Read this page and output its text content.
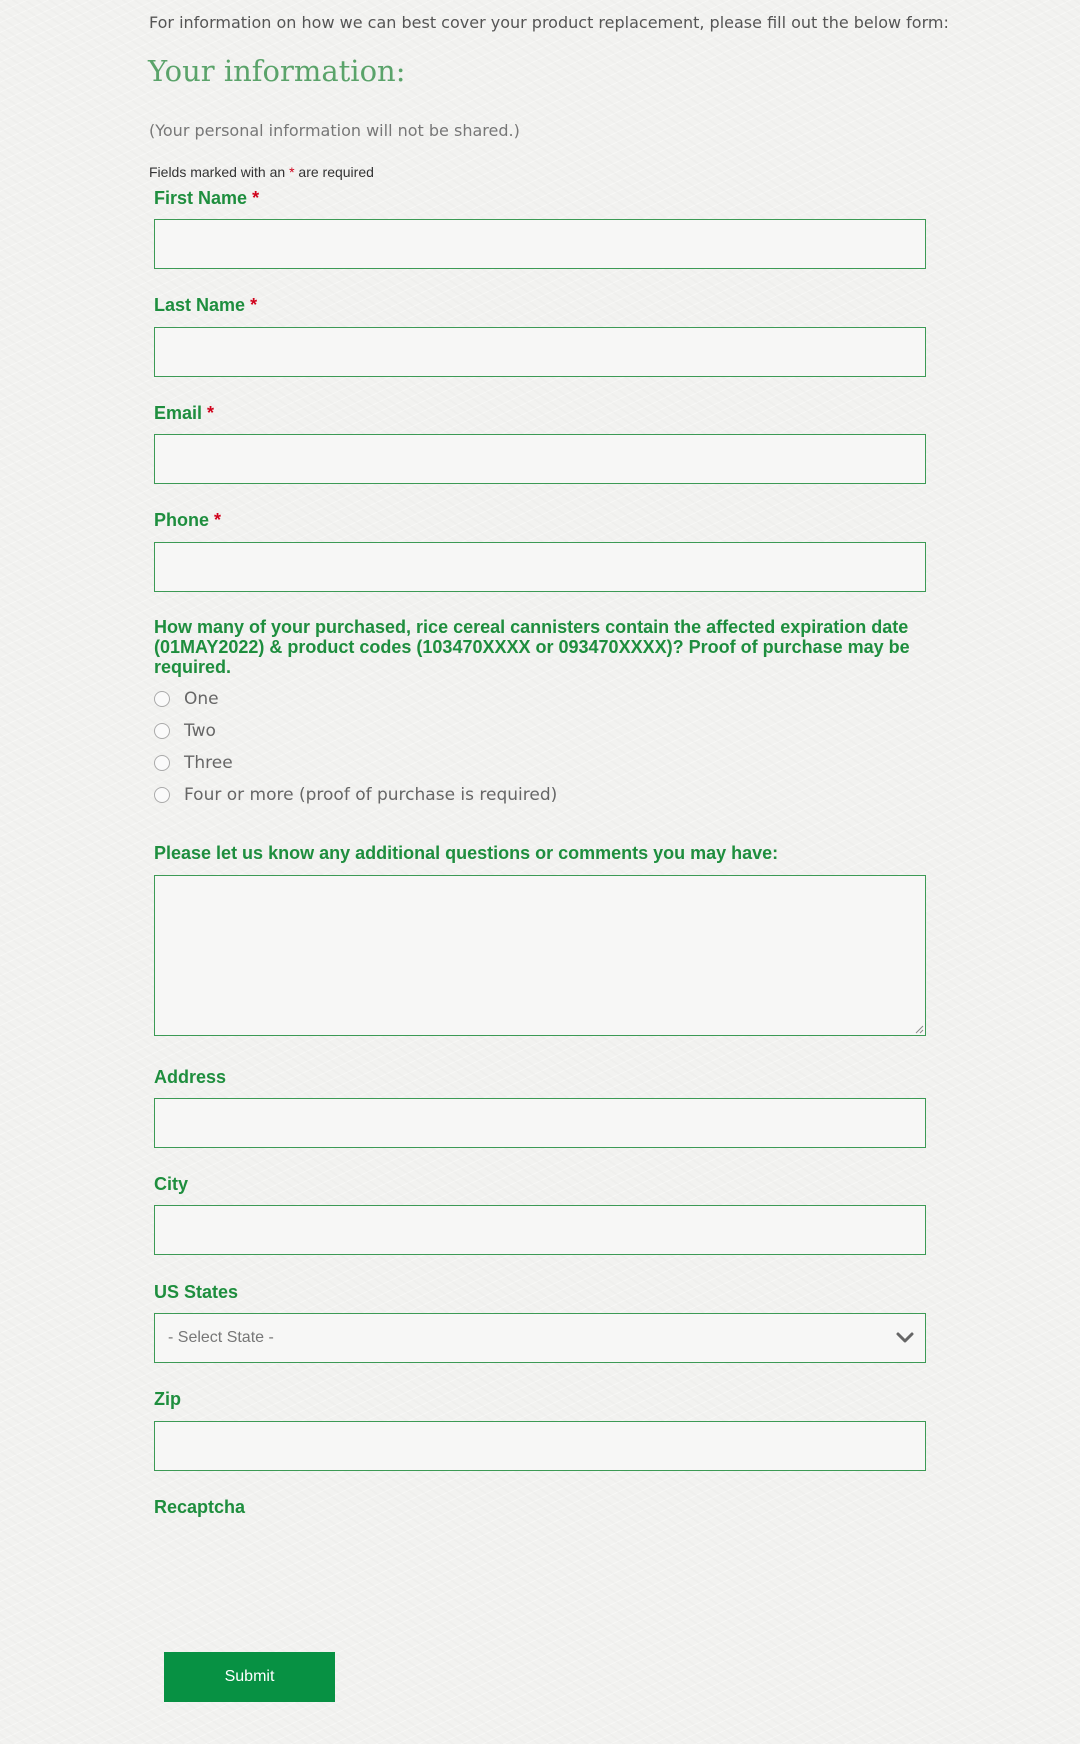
For information on how we can best cover your product replacement, please fill out the below form:
Your information:
(Your personal information will not be shared.)
Fields marked with an * are required
First Name *
Last Name *
Email *
Phone *
How many of your purchased, rice cereal cannisters contain the affected expiration date (01MAY2022) & product codes (103470XXXX or 093470XXXX)? Proof of purchase may be required.
One
Two
Three
Four or more (proof of purchase is required)
Please let us know any additional questions or comments you may have:
Address
City
US States
- Select State -
Zip
Recaptcha
Submit
